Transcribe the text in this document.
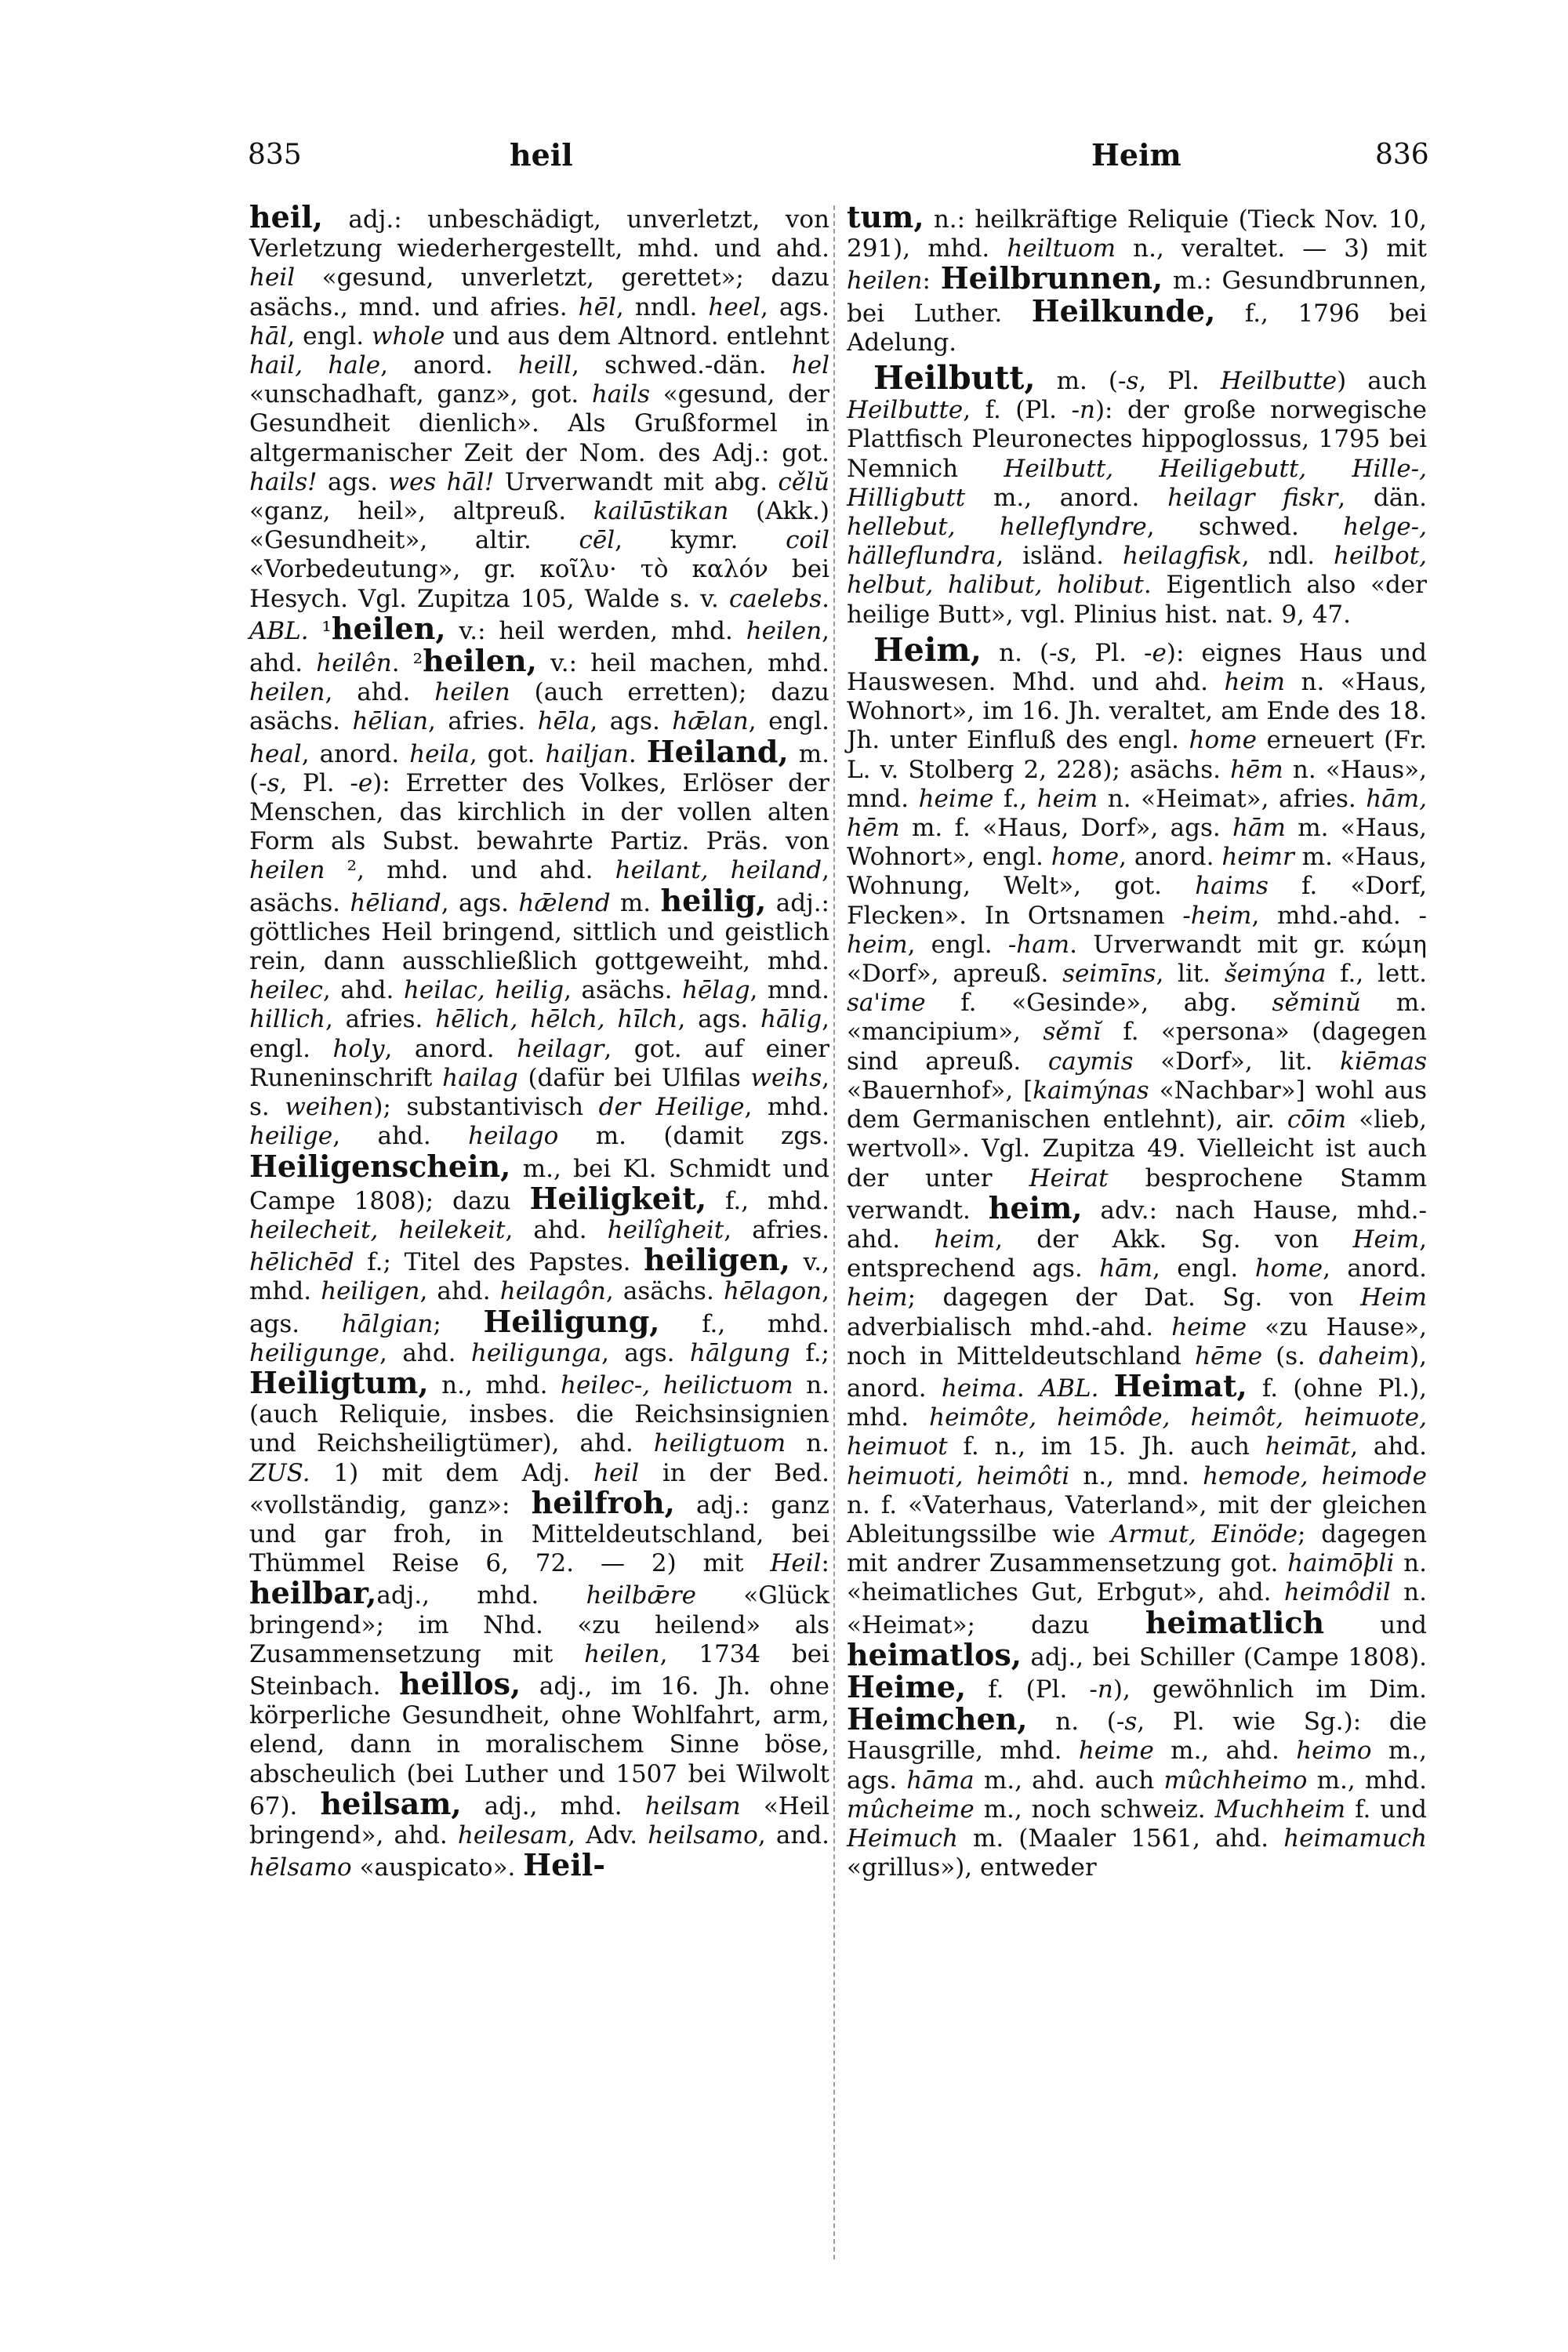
835	heil	Heim	836

heil, adj.: unbeschädigt, unverletzt, von Verletzung wiederhergestellt, mhd. und ahd. heil «gesund, unverletzt, gerettet»; dazu asächs., mnd. und afries. hēl, nndl. heel, ags. hāl, engl. whole und aus dem Altnord. entlehnt hail, hale, anord. heill, schwed.-dän. hel «unschadhaft, ganz», got. hails «gesund, der Gesundheit dienlich». Als Grußformel in altgermanischer Zeit der Nom. des Adj.: got. hails! ags. wes hāl! Urverwandt mit abg. cělŭ «ganz, heil», altpreuß. kailūstikan (Akk.) «Gesundheit», altir. cēl, kymr. coil «Vorbedeutung», gr. κοῖλυ· τὸ καλόν bei Hesych. Vgl. Zupitza 105, Walde s. v. caelebs. ABL. ¹heilen, v.: heil werden, mhd. heilen, ahd. heilên. ²heilen, v.: heil machen, mhd. heilen, ahd. heilen (auch erretten); dazu asächs. hēlian, afries. hēla, ags. hǣlan, engl. heal, anord. heila, got. hailjan. Heiland, m. (-s, Pl. -e): Erretter des Volkes, Erlöser der Menschen, das kirchlich in der vollen alten Form als Subst. bewahrte Partiz. Präs. von heilen ², mhd. und ahd. heilant, heiland, asächs. hēliand, ags. hǣlend m. heilig, adj.: göttliches Heil bringend, sittlich und geistlich rein, dann ausschließlich gottgeweiht, mhd. heilec, ahd. heilac, heilig, asächs. hēlag, mnd. hillich, afries. hēlich, hēlch, hīlch, ags. hālig, engl. holy, anord. heilagr, got. auf einer Runeninschrift hailag (dafür bei Ulfilas weihs, s. weihen); substantivisch der Heilige, mhd. heilige, ahd. heilago m. (damit zgs. Heiligenschein, m., bei Kl. Schmidt und Campe 1808); dazu Heiligkeit, f., mhd. heilecheit, heilekeit, ahd. heilîgheit, afries. hēlichēd f.; Titel des Papstes. heiligen, v., mhd. heiligen, ahd. heilagôn, asächs. hēlagon, ags. hālgian; Heiligung, f., mhd. heiligunge, ahd. heiligunga, ags. hālgung f.; Heiligtum, n., mhd. heilec-, heilictuom n. (auch Reliquie, insbes. die Reichsinsignien und Reichsheiligtümer), ahd. heiligtuom n. ZUS. 1) mit dem Adj. heil in der Bed. «vollständig, ganz»: heilfroh, adj.: ganz und gar froh, in Mitteldeutschland, bei Thümmel Reise 6, 72. — 2) mit Heil: heilbar,adj., mhd. heilbǣre «Glück bringend»; im Nhd. «zu heilend» als Zusammensetzung mit heilen, 1734 bei Steinbach. heillos, adj., im 16. Jh. ohne körperliche Gesundheit, ohne Wohlfahrt, arm, elend, dann in moralischem Sinne böse, abscheulich (bei Luther und 1507 bei Wilwolt 67). heilsam, adj., mhd. heilsam «Heil bringend», ahd. heilesam, Adv. heilsamo, and. hēlsamo «auspicato». Heil-

tum, n.: heilkräftige Reliquie (Tieck Nov. 10, 291), mhd. heiltuom n., veraltet. — 3) mit heilen: Heilbrunnen, m.: Gesundbrunnen, bei Luther. Heilkunde, f., 1796 bei Adelung.

Heilbutt, m. (-s, Pl. Heilbutte) auch Heilbutte, f. (Pl. -n): der große norwegische Plattfisch Pleuronectes hippoglossus, 1795 bei Nemnich Heilbutt, Heiligebutt, Hille-, Hilligbutt m., anord. heilagr fiskr, dän. hellebut, helleflyndre, schwed. helge-, hälleflundra, isländ. heilagfisk, ndl. heilbot, helbut, halibut, holibut. Eigentlich also «der heilige Butt», vgl. Plinius hist. nat. 9, 47.

Heim, n. (-s, Pl. -e): eignes Haus und Hauswesen. Mhd. und ahd. heim n. «Haus, Wohnort», im 16. Jh. veraltet, am Ende des 18. Jh. unter Einfluß des engl. home erneuert (Fr. L. v. Stolberg 2, 228); asächs. hēm n. «Haus», mnd. heime f., heim n. «Heimat», afries. hām, hēm m. f. «Haus, Dorf», ags. hām m. «Haus, Wohnort», engl. home, anord. heimr m. «Haus, Wohnung, Welt», got. haims f. «Dorf, Flecken». In Ortsnamen -heim, mhd.-ahd. -heim, engl. -ham. Urverwandt mit gr. κώμη «Dorf», apreuß. seimīns, lit. šeimýna f., lett. sa'ime f. «Gesinde», abg. sěminŭ m. «mancipium», sěmĭ f. «persona» (dagegen sind apreuß. caymis «Dorf», lit. kiēmas «Bauernhof», [kaimýnas «Nachbar»] wohl aus dem Germanischen entlehnt), air. cōim «lieb, wertvoll». Vgl. Zupitza 49. Vielleicht ist auch der unter Heirat besprochene Stamm verwandt. heim, adv.: nach Hause, mhd.-ahd. heim, der Akk. Sg. von Heim, entsprechend ags. hām, engl. home, anord. heim; dagegen der Dat. Sg. von Heim adverbialisch mhd.-ahd. heime «zu Hause», noch in Mitteldeutschland hēme (s. daheim), anord. heima. ABL. Heimat, f. (ohne Pl.), mhd. heimôte, heimôde, heimôt, heimuote, heimuot f. n., im 15. Jh. auch heimāt, ahd. heimuoti, heimôti n., mnd. hemode, heimode n. f. «Vaterhaus, Vaterland», mit der gleichen Ableitungssilbe wie Armut, Einöde; dagegen mit andrer Zusammensetzung got. haimōþli n. «heimatliches Gut, Erbgut», ahd. heimôdil n. «Heimat»; dazu heimatlich und heimatlos, adj., bei Schiller (Campe 1808). Heime, f. (Pl. -n), gewöhnlich im Dim. Heimchen, n. (-s, Pl. wie Sg.): die Hausgrille, mhd. heime m., ahd. heimo m., ags. hāma m., ahd. auch mûchheimo m., mhd. mûcheime m., noch schweiz. Muchheim f. und Heimuch m. (Maaler 1561, ahd. heimamuch «grillus»), entweder
